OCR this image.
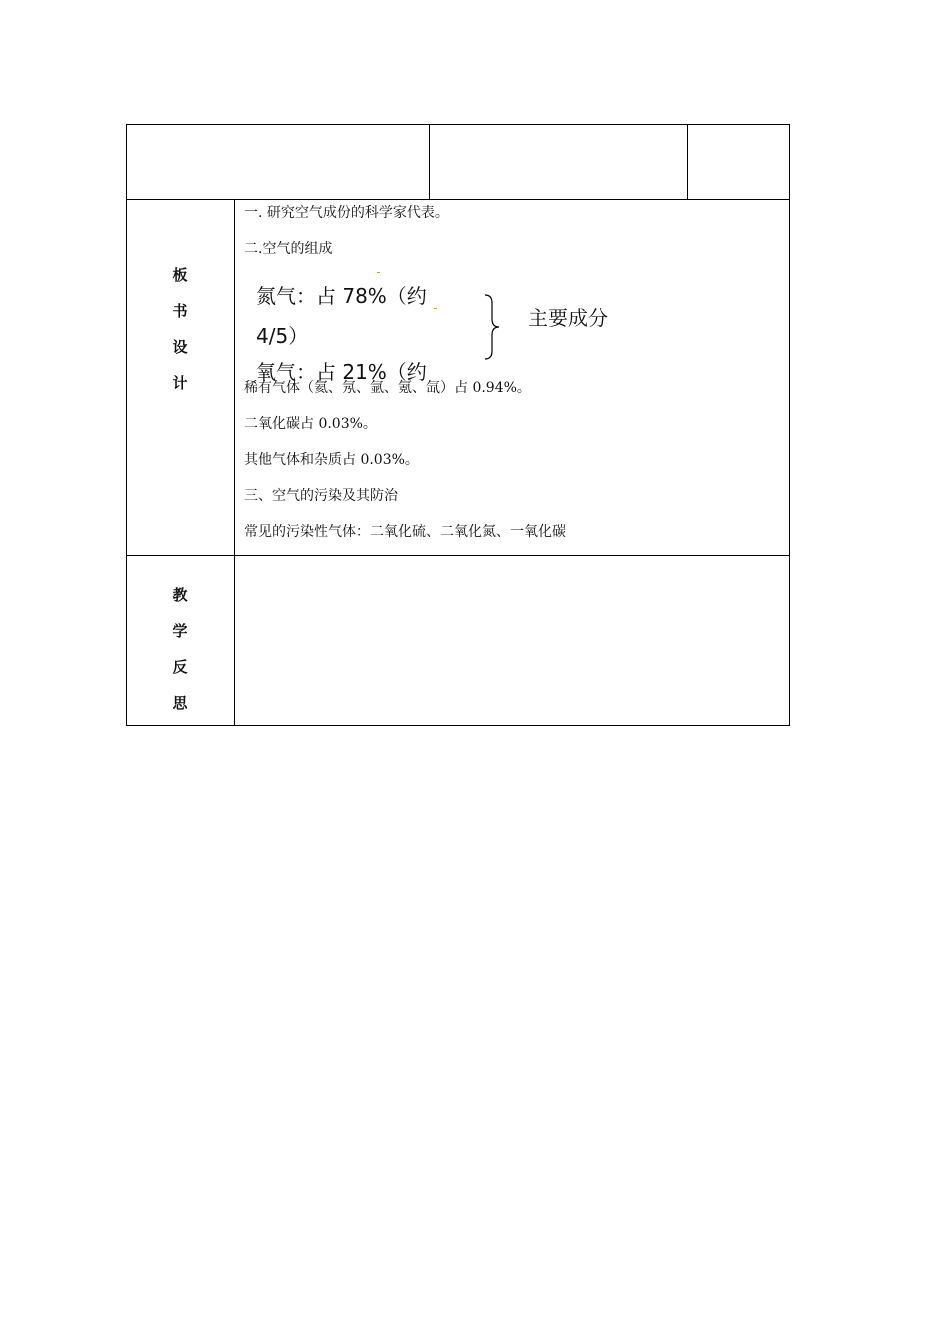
板
书
设
计
一. 研究空气成份的科学家代表。
二.空气的组成
氮气：占 78%（约
4/5）
氧气：占 21%（约
主要成分
稀有气体（氦、氖、氩、氪、氙）占 0.94%。
二氧化碳占 0.03%。
其他气体和杂质占 0.03%。
三、空气的污染及其防治
常见的污染性气体：二氧化硫、二氧化氮、一氧化碳
教
学
反
思
